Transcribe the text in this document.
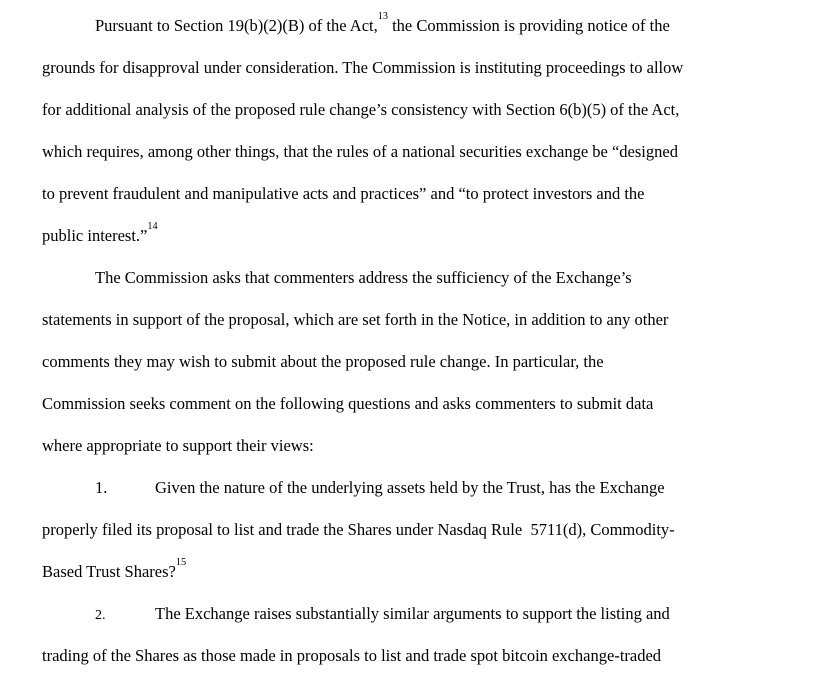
Pursuant to Section 19(b)(2)(B) of the Act,$^{13}$ the Commission is providing notice of the
grounds for disapproval under consideration. The Commission is instituting proceedings to allow
for additional analysis of the proposed rule change’s consistency with Section 6(b)(5) of the Act,
which requires, among other things, that the rules of a national securities exchange be “designed
to prevent fraudulent and manipulative acts and practices” and “to protect investors and the
public interest.”$^{14}$
The Commission asks that commenters address the sufficiency of the Exchange’s
statements in support of the proposal, which are set forth in the Notice, in addition to any other
comments they may wish to submit about the proposed rule change. In particular, the
Commission seeks comment on the following questions and asks commenters to submit data
where appropriate to support their views:
1.	Given the nature of the underlying assets held by the Trust, has the Exchange
properly filed its proposal to list and trade the Shares under Nasdaq Rule  5711(d), Commodity-
Based Trust Shares?$^{15}$
2.	The Exchange raises substantially similar arguments to support the listing and
trading of the Shares as those made in proposals to list and trade spot bitcoin exchange-traded
